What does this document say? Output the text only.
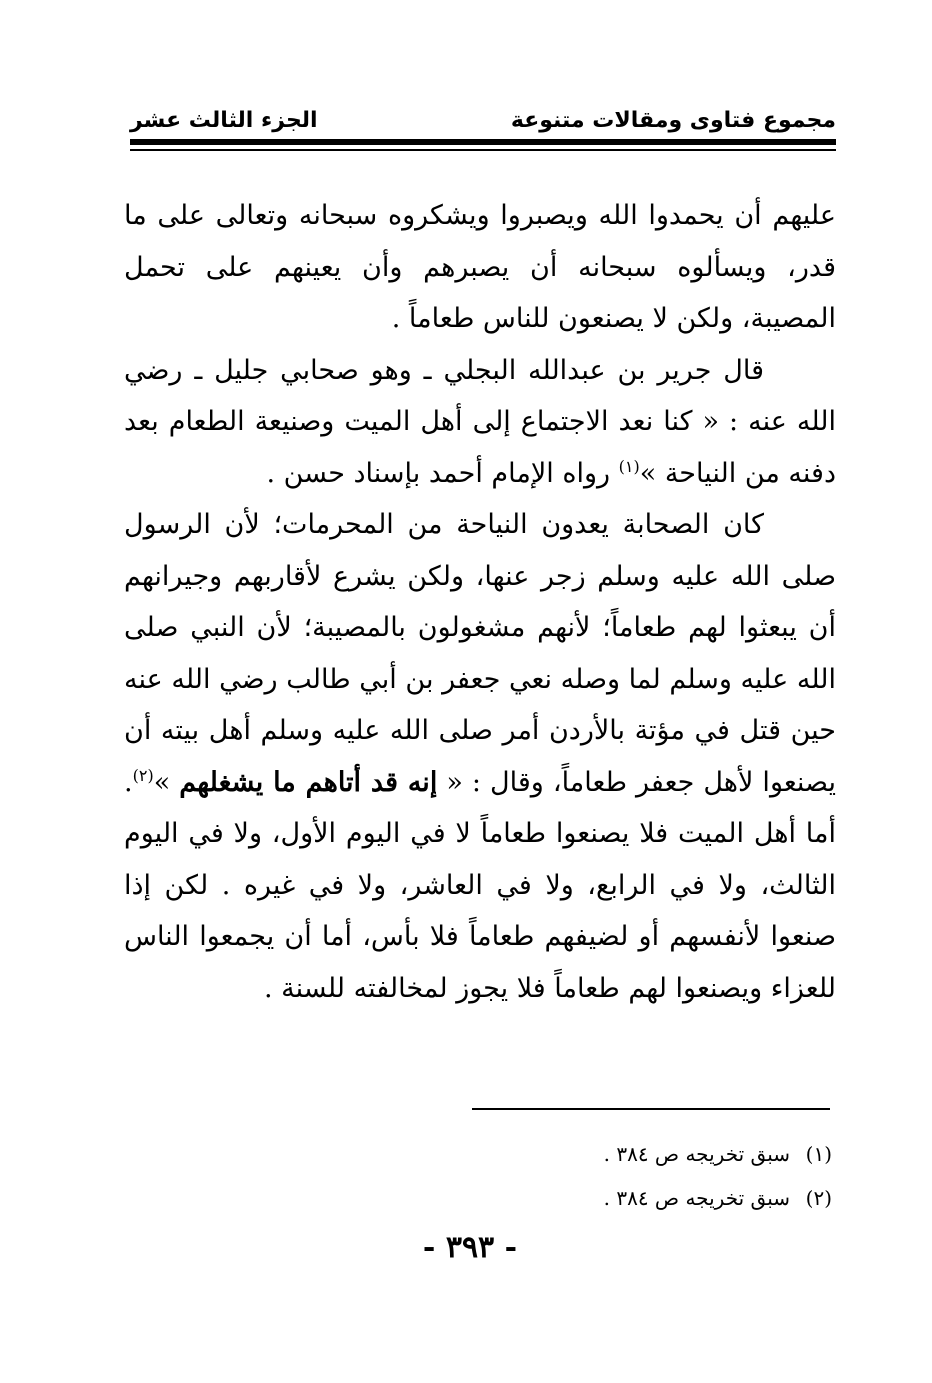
مجموع فتاوى ومقالات متنوعة
الجزء الثالث عشر

عليهم أن يحمدوا الله ويصبروا ويشكروه سبحانه وتعالى على ما قدر، ويسألوه سبحانه أن يصبرهم وأن يعينهم على تحمل المصيبة، ولكن لا يصنعون للناس طعاماً .

قال جرير بن عبدالله البجلي ـ وهو صحابي جليل ـ رضي الله عنه : « كنا نعد الاجتماع إلى أهل الميت وصنيعة الطعام بعد دفنه من النياحة »$^{(١)}$ رواه الإمام أحمد بإسناد حسن .

كان الصحابة يعدون النياحة من المحرمات؛ لأن الرسول صلى الله عليه وسلم زجر عنها، ولكن يشرع لأقاربهم وجيرانهم أن يبعثوا لهم طعاماً؛ لأنهم مشغولون بالمصيبة؛ لأن النبي صلى الله عليه وسلم لما وصله نعي جعفر بن أبي طالب رضي الله عنه حين قتل في مؤتة بالأردن أمر صلى الله عليه وسلم أهل بيته أن يصنعوا لأهل جعفر طعاماً، وقال : « إنه قد أتاهم ما يشغلهم »$^{(٢)}$. أما أهل الميت فلا يصنعوا طعاماً لا في اليوم الأول، ولا في اليوم الثالث، ولا في الرابع، ولا في العاشر، ولا في غيره . لكن إذا صنعوا لأنفسهم أو لضيفهم طعاماً فلا بأس، أما أن يجمعوا الناس للعزاء ويصنعوا لهم طعاماً فلا يجوز لمخالفته للسنة .

(١)سبق تخريجه ص ٣٨٤ .
(٢)سبق تخريجه ص ٣٨٤ .
- ٣٩٣ -
